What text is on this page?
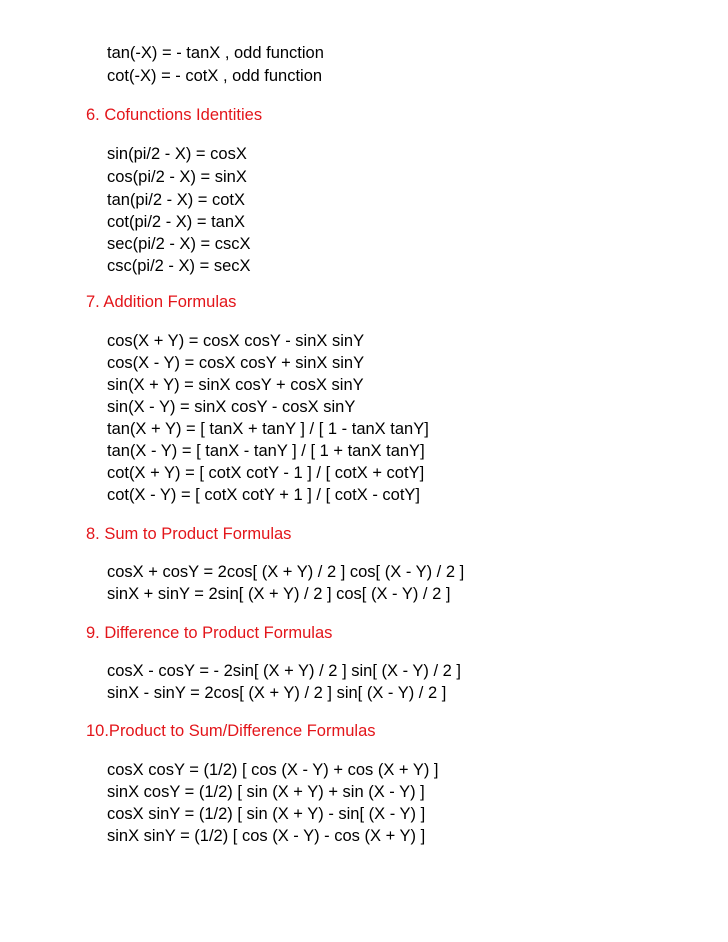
tan(-X) = - tanX , odd function
cot(-X) = - cotX , odd function
6. Cofunctions Identities
sin(pi/2 - X) = cosX
cos(pi/2 - X) = sinX
tan(pi/2 - X) = cotX
cot(pi/2 - X) = tanX
sec(pi/2 - X) = cscX
csc(pi/2 - X) = secX
7. Addition Formulas
cos(X + Y) = cosX cosY - sinX sinY
cos(X - Y) = cosX cosY + sinX sinY
sin(X + Y) = sinX cosY + cosX sinY
sin(X - Y) = sinX cosY - cosX sinY
tan(X + Y) = [ tanX + tanY ] / [ 1 - tanX tanY]
tan(X - Y) = [ tanX - tanY ] / [ 1 + tanX tanY]
cot(X + Y) = [ cotX cotY - 1 ] / [ cotX + cotY]
cot(X - Y) = [ cotX cotY + 1 ] / [ cotX - cotY]
8. Sum to Product Formulas
cosX + cosY = 2cos[ (X + Y) / 2 ] cos[ (X - Y) / 2 ]
sinX + sinY = 2sin[ (X + Y) / 2 ] cos[ (X - Y) / 2 ]
9. Difference to Product Formulas
cosX - cosY = - 2sin[ (X + Y) / 2 ] sin[ (X - Y) / 2 ]
sinX - sinY = 2cos[ (X + Y) / 2 ] sin[ (X - Y) / 2 ]
10.Product to Sum/Difference Formulas
cosX cosY = (1/2) [ cos (X - Y) + cos (X + Y) ]
sinX cosY = (1/2) [ sin (X + Y) + sin (X - Y) ]
cosX sinY = (1/2) [ sin (X + Y) - sin[ (X - Y) ]
sinX sinY = (1/2) [ cos (X - Y) - cos (X + Y) ]
